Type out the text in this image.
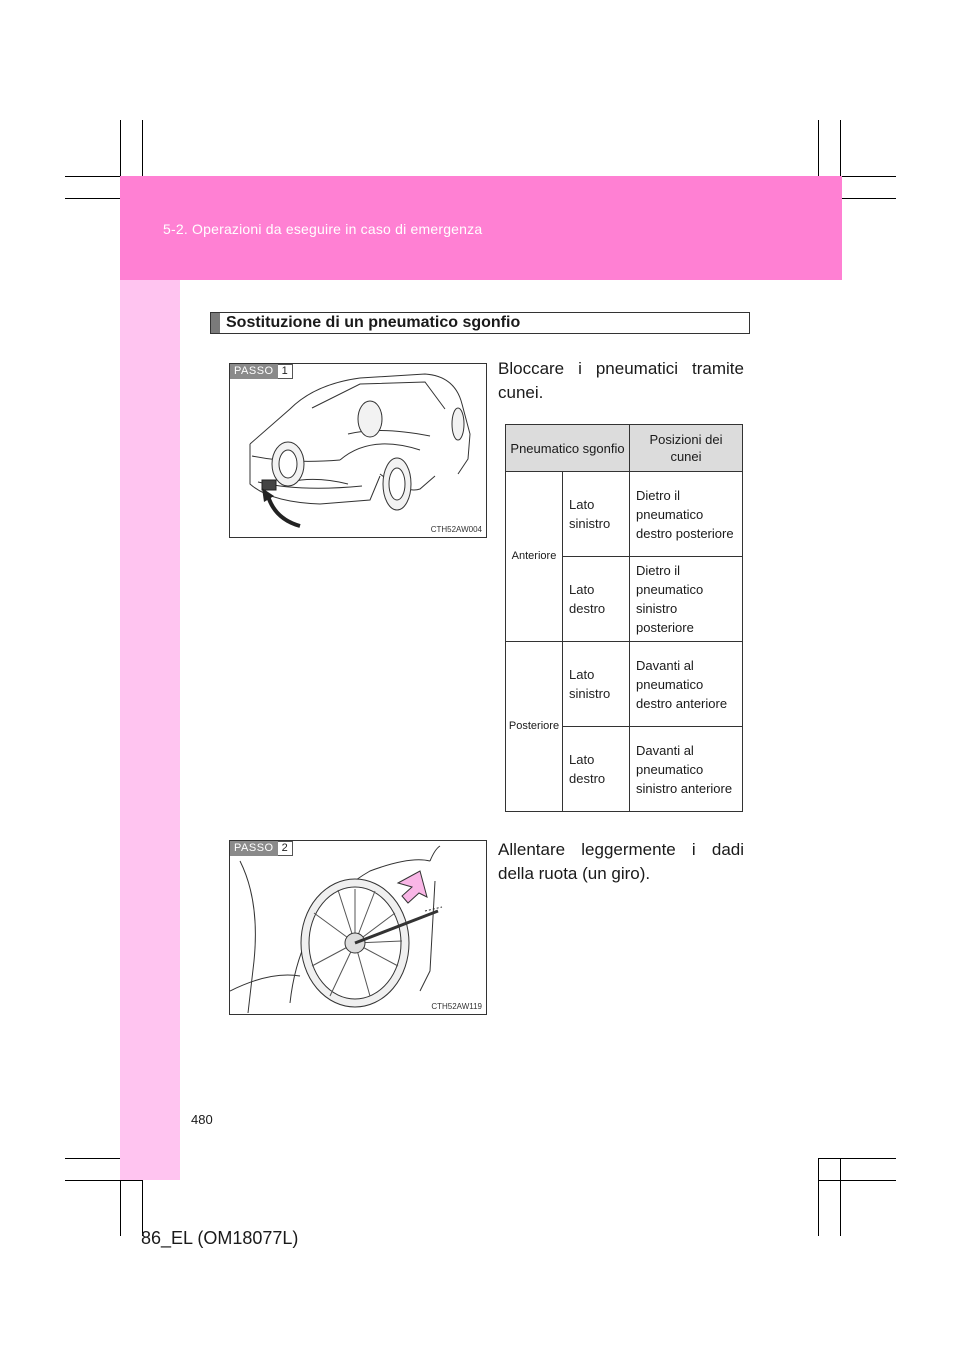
5-2. Operazioni da eseguire in caso di emergenza
Sostituzione di un pneumatico sgonfio
PASSO 1
CTH52AW004
Bloccare i pneumatici tramite cunei.
Pneumatico sgonfio		Posizioni dei cunei
Anteriore	Lato sinistro	Dietro il pneumatico destro posteriore
	Lato destro	Dietro il pneumatico sinistro posteriore
Posteriore	Lato sinistro	Davanti al pneumatico destro anteriore
	Lato destro	Davanti al pneumatico sinistro anteriore
PASSO 2
CTH52AW119
Allentare leggermente i dadi della ruota (un giro).
480
86_EL (OM18077L)
